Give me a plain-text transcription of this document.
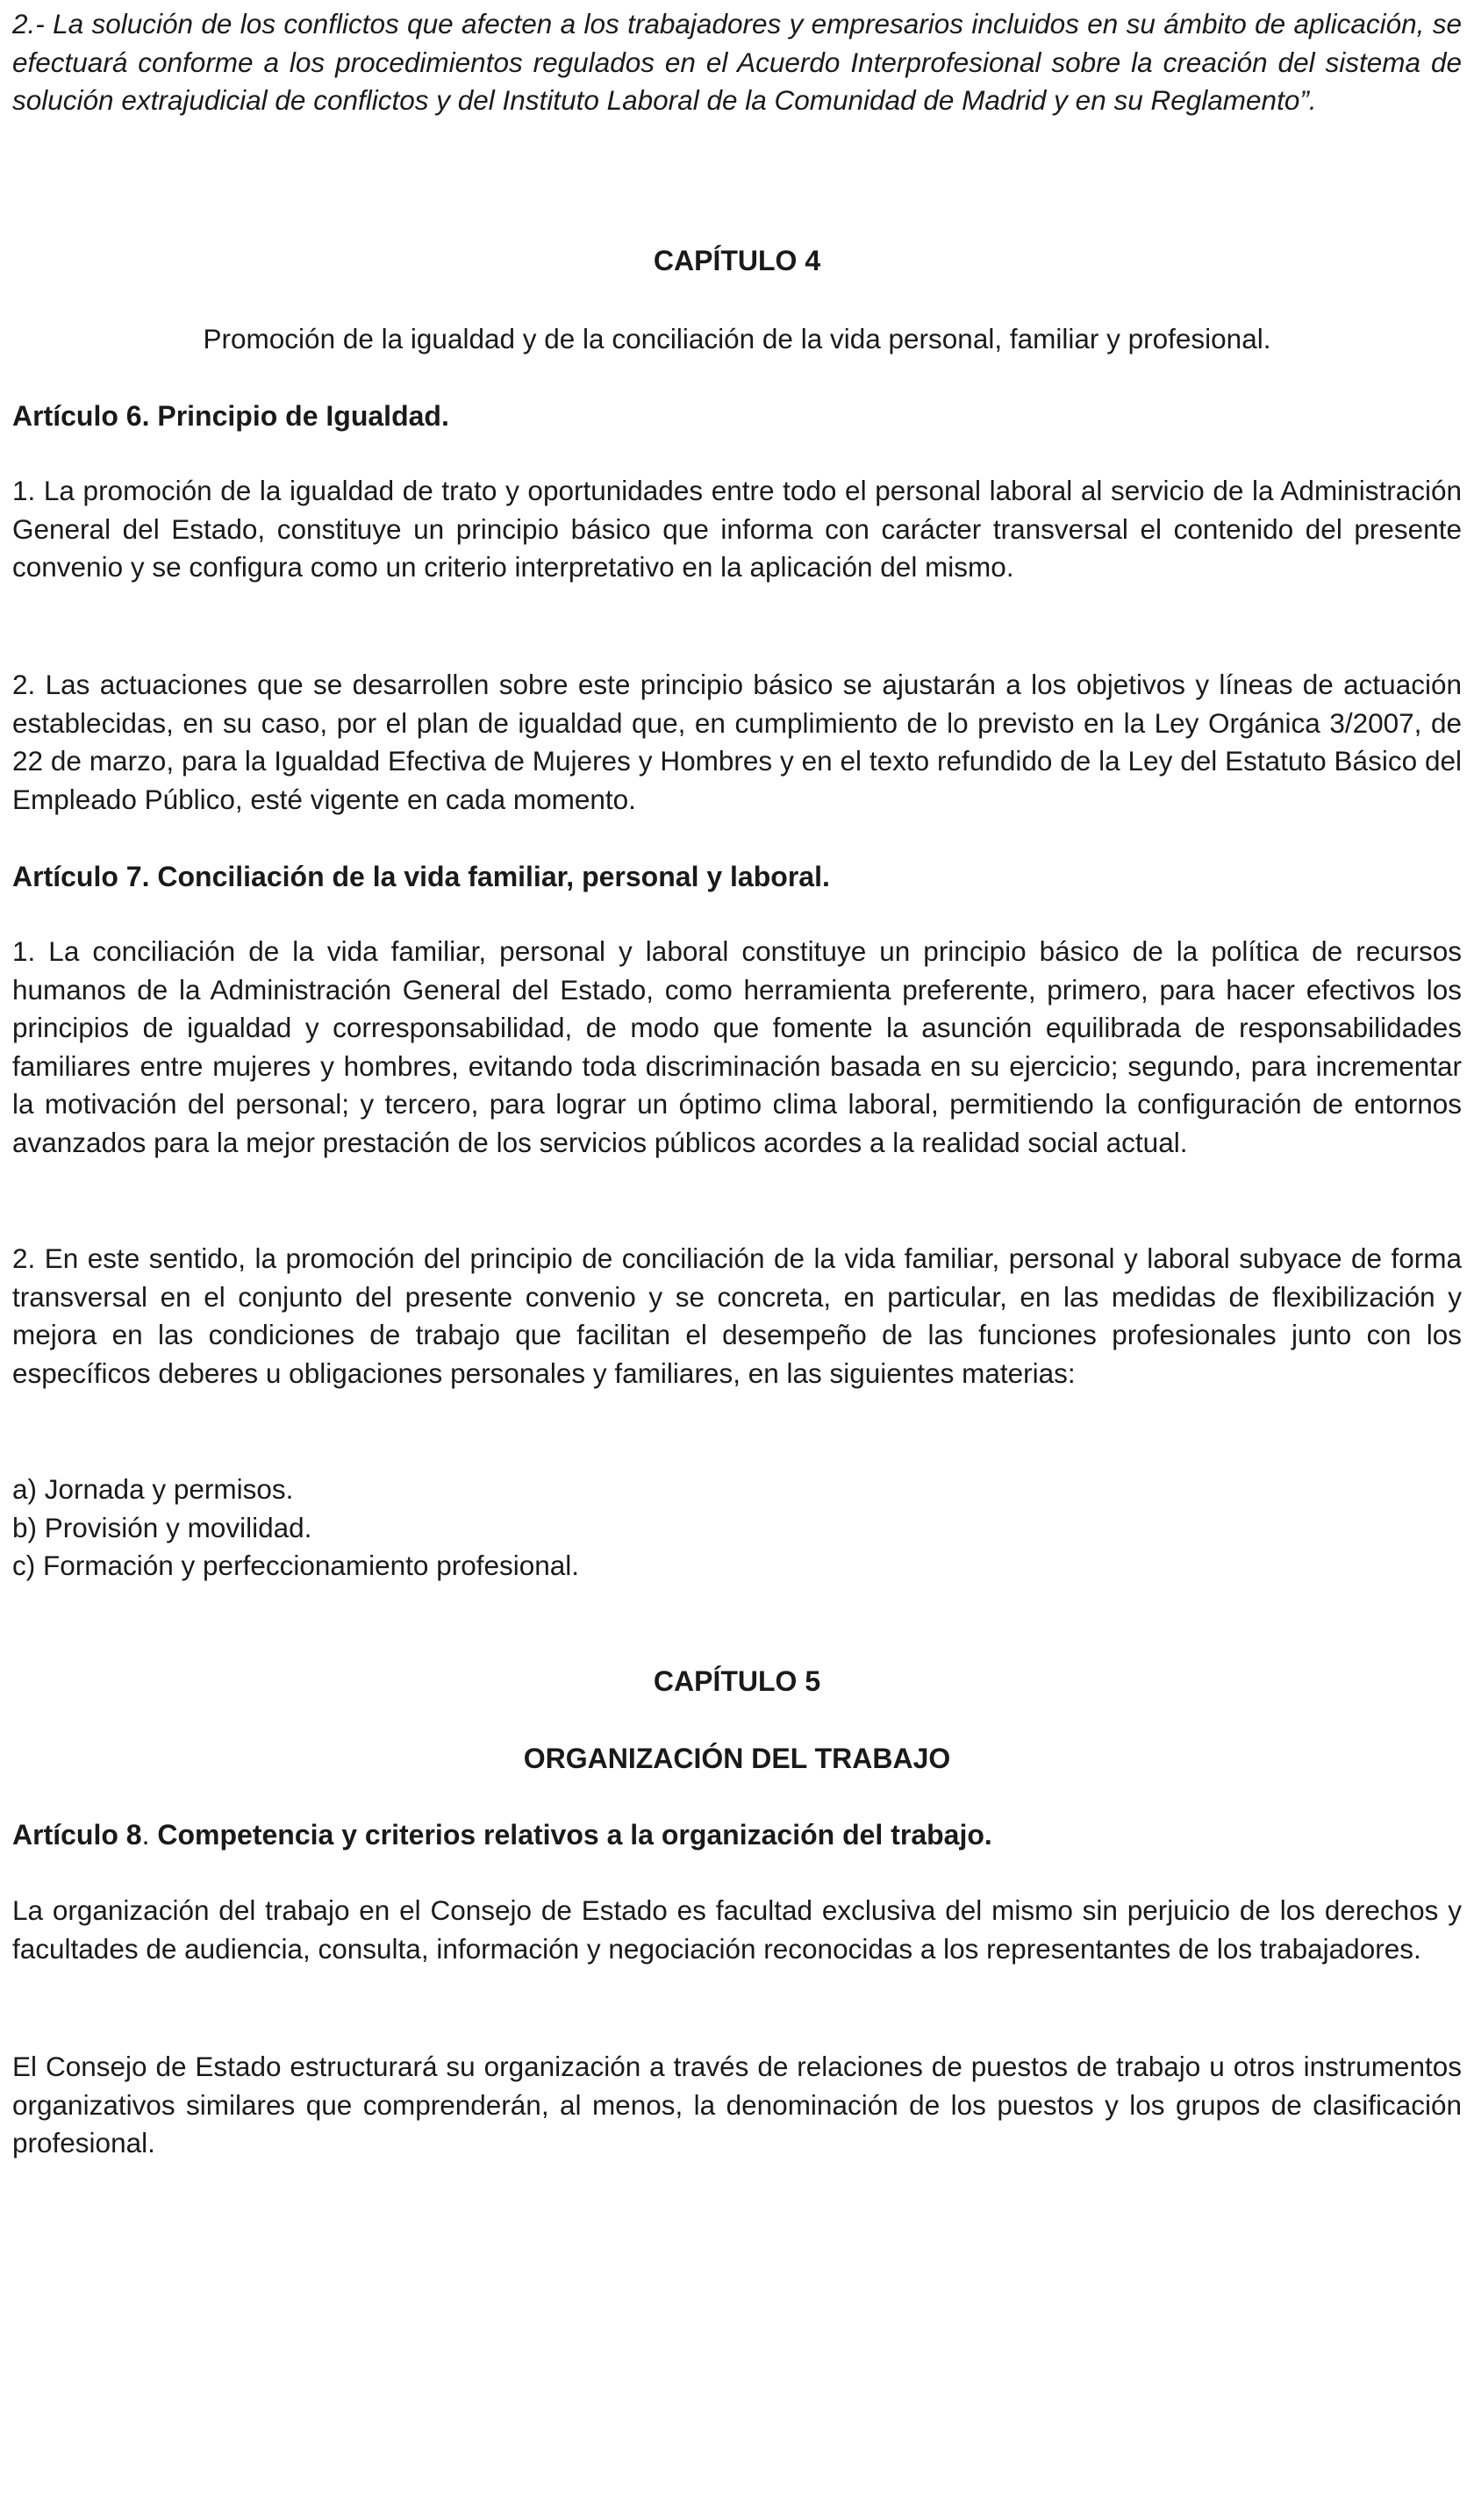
2.- La solución de los conflictos que afecten a los trabajadores y empresarios incluidos en su ámbito de aplicación, se efectuará conforme a los procedimientos regulados en el Acuerdo Interprofesional sobre la creación del sistema de solución extrajudicial de conflictos y del Instituto Laboral de la Comunidad de Madrid y en su Reglamento”.

CAPÍTULO 4

Promoción de la igualdad y de la conciliación de la vida personal, familiar y profesional.

Artículo 6. Principio de Igualdad.

1. La promoción de la igualdad de trato y oportunidades entre todo el personal laboral al servicio de la Administración General del Estado, constituye un principio básico que informa con carácter transversal el contenido del presente convenio y se configura como un criterio interpretativo en la aplicación del mismo.

2. Las actuaciones que se desarrollen sobre este principio básico se ajustarán a los objetivos y líneas de actuación establecidas, en su caso, por el plan de igualdad que, en cumplimiento de lo previsto en la Ley Orgánica 3/2007, de 22 de marzo, para la Igualdad Efectiva de Mujeres y Hombres y en el texto refundido de la Ley del Estatuto Básico del Empleado Público, esté vigente en cada momento.

Artículo 7. Conciliación de la vida familiar, personal y laboral.

1. La conciliación de la vida familiar, personal y laboral constituye un principio básico de la política de recursos humanos de la Administración General del Estado, como herramienta preferente, primero, para hacer efectivos los principios de igualdad y corresponsabilidad, de modo que fomente la asunción equilibrada de responsabilidades familiares entre mujeres y hombres, evitando toda discriminación basada en su ejercicio; segundo, para incrementar la motivación del personal; y tercero, para lograr un óptimo clima laboral, permitiendo la configuración de entornos avanzados para la mejor prestación de los servicios públicos acordes a la realidad social actual.

2. En este sentido, la promoción del principio de conciliación de la vida familiar, personal y laboral subyace de forma transversal en el conjunto del presente convenio y se concreta, en particular, en las medidas de flexibilización y mejora en las condiciones de trabajo que facilitan el desempeño de las funciones profesionales junto con los específicos deberes u obligaciones personales y familiares, en las siguientes materias:

a) Jornada y permisos.
b) Provisión y movilidad.
c) Formación y perfeccionamiento profesional.
CAPÍTULO 5
ORGANIZACIÓN DEL TRABAJO
Artículo 8. Competencia y criterios relativos a la organización del trabajo.

La organización del trabajo en el Consejo de Estado es facultad exclusiva del mismo sin perjuicio de los derechos y facultades de audiencia, consulta, información y negociación reconocidas a los representantes de los trabajadores.

El Consejo de Estado estructurará su organización a través de relaciones de puestos de trabajo u otros instrumentos organizativos similares que comprenderán, al menos, la denominación de los puestos y los grupos de clasificación profesional.
